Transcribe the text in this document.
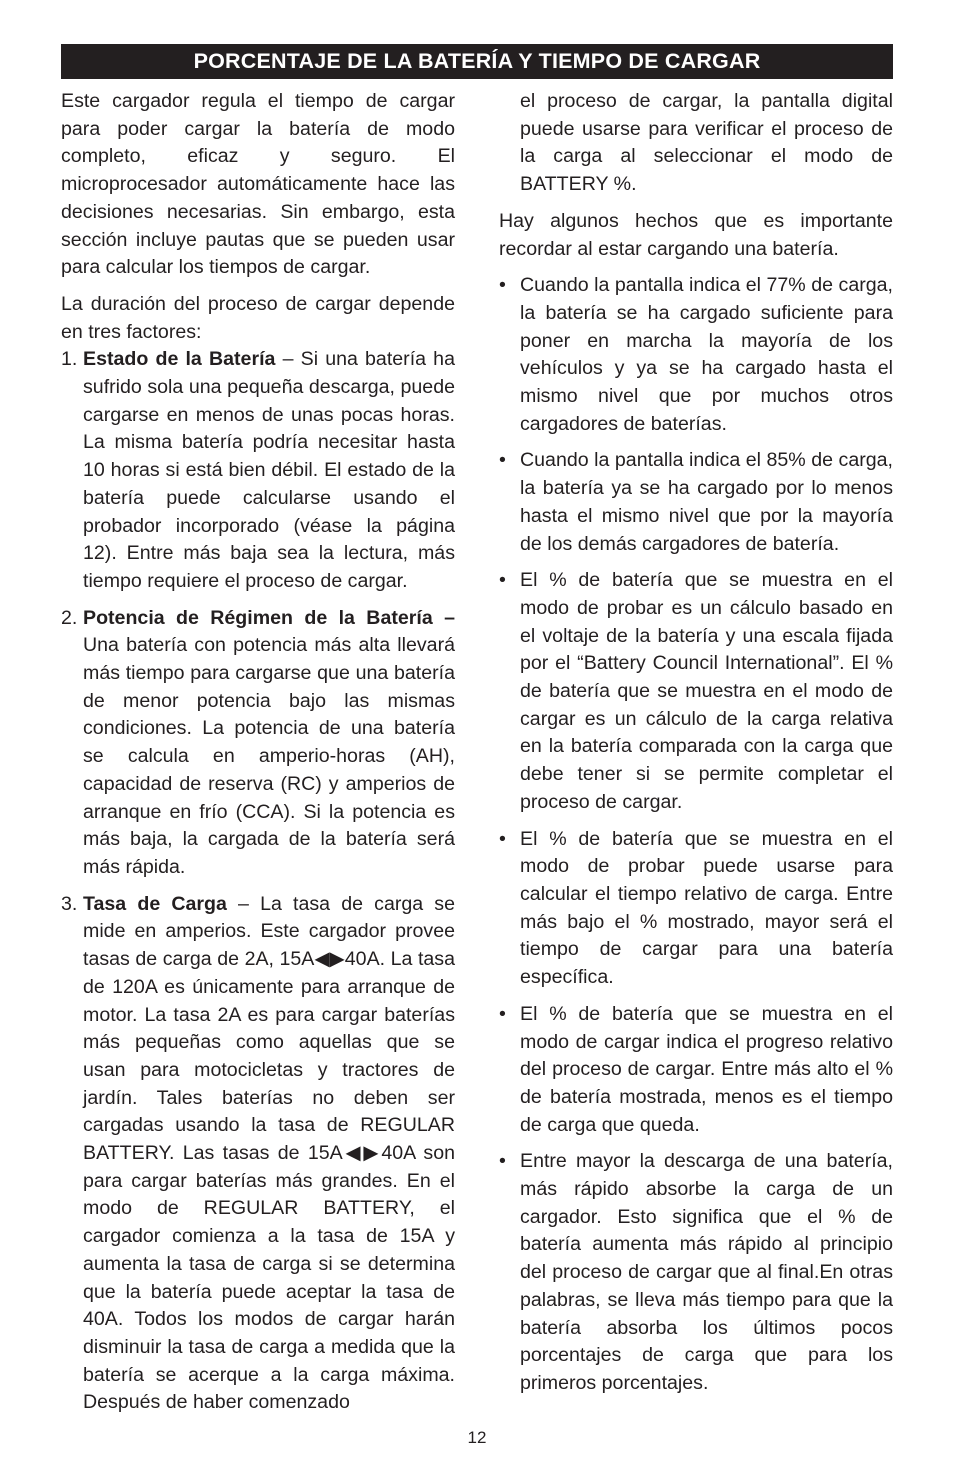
PORCENTAJE DE LA BATERÍA Y TIEMPO DE CARGAR

Este cargador regula el tiempo de cargar para poder cargar la batería de modo completo, eficaz y seguro. El microprocesador automáticamente hace las decisiones necesarias. Sin embargo, esta sección incluye pautas que se pueden usar para calcular los tiempos de cargar.

La duración del proceso de cargar depende en tres factores:

1. Estado de la Batería – Si una batería ha sufrido sola una pequeña descarga, puede cargarse en menos de unas pocas horas. La misma batería podría necesitar hasta 10 horas si está bien débil. El estado de la batería puede calcularse usando el probador incorporado (véase la página 12). Entre más baja sea la lectura, más tiempo requiere el proceso de cargar.
2. Potencia de Régimen de la Batería – Una batería con potencia más alta llevará más tiempo para cargarse que una batería de menor potencia bajo las mismas condiciones. La potencia de una batería se calcula en amperio-horas (AH), capacidad de reserva (RC) y amperios de arranque en frío (CCA). Si la potencia es más baja, la cargada de la batería será más rápida.
3. Tasa de Carga – La tasa de carga se mide en amperios. Este cargador provee tasas de carga de 2A, 15A◀▶40A. La tasa de 120A es únicamente para arranque de motor. La tasa 2A es para cargar baterías más pequeñas como aquellas que se usan para motocicletas y tractores de jardín. Tales baterías no deben ser cargadas usando la tasa de REGULAR BATTERY. Las tasas de 15A◀▶40A son para cargar baterías más grandes. En el modo de REGULAR BATTERY, el cargador comienza a la tasa de 15A y aumenta la tasa de carga si se determina que la batería puede aceptar la tasa de 40A. Todos los modos de cargar harán disminuir la tasa de carga a medida que la batería se acerque a la carga máxima. Después de haber comenzado

el proceso de cargar, la pantalla digital puede usarse para verificar el proceso de la carga al seleccionar el modo de BATTERY %.

Hay algunos hechos que es importante recordar al estar cargando una batería.

• Cuando la pantalla indica el 77% de carga, la batería se ha cargado suficiente para poner en marcha la mayoría de los vehículos y ya se ha cargado hasta el mismo nivel que por muchos otros cargadores de baterías.
• Cuando la pantalla indica el 85% de carga, la batería ya se ha cargado por lo menos hasta el mismo nivel que por la mayoría de los demás cargadores de batería.
• El % de batería que se muestra en el modo de probar es un cálculo basado en el voltaje de la batería y una escala fijada por el “Battery Council International”. El % de batería que se muestra en el modo de cargar es un cálculo de la carga relativa en la batería comparada con la carga que debe tener si se permite completar el proceso de cargar.
• El % de batería que se muestra en el modo de probar puede usarse para calcular el tiempo relativo de carga. Entre más bajo el % mostrado, mayor será el tiempo de cargar para una batería específica.
• El % de batería que se muestra en el modo de cargar indica el progreso relativo del proceso de cargar. Entre más alto el % de batería mostrada, menos es el tiempo de carga que queda.
• Entre mayor la descarga de una batería, más rápido absorbe la carga de un cargador. Esto significa que el % de batería aumenta más rápido al principio del proceso de cargar que al final.En otras palabras, se lleva más tiempo para que la batería absorba los últimos pocos porcentajes de carga que para los primeros porcentajes.
12
